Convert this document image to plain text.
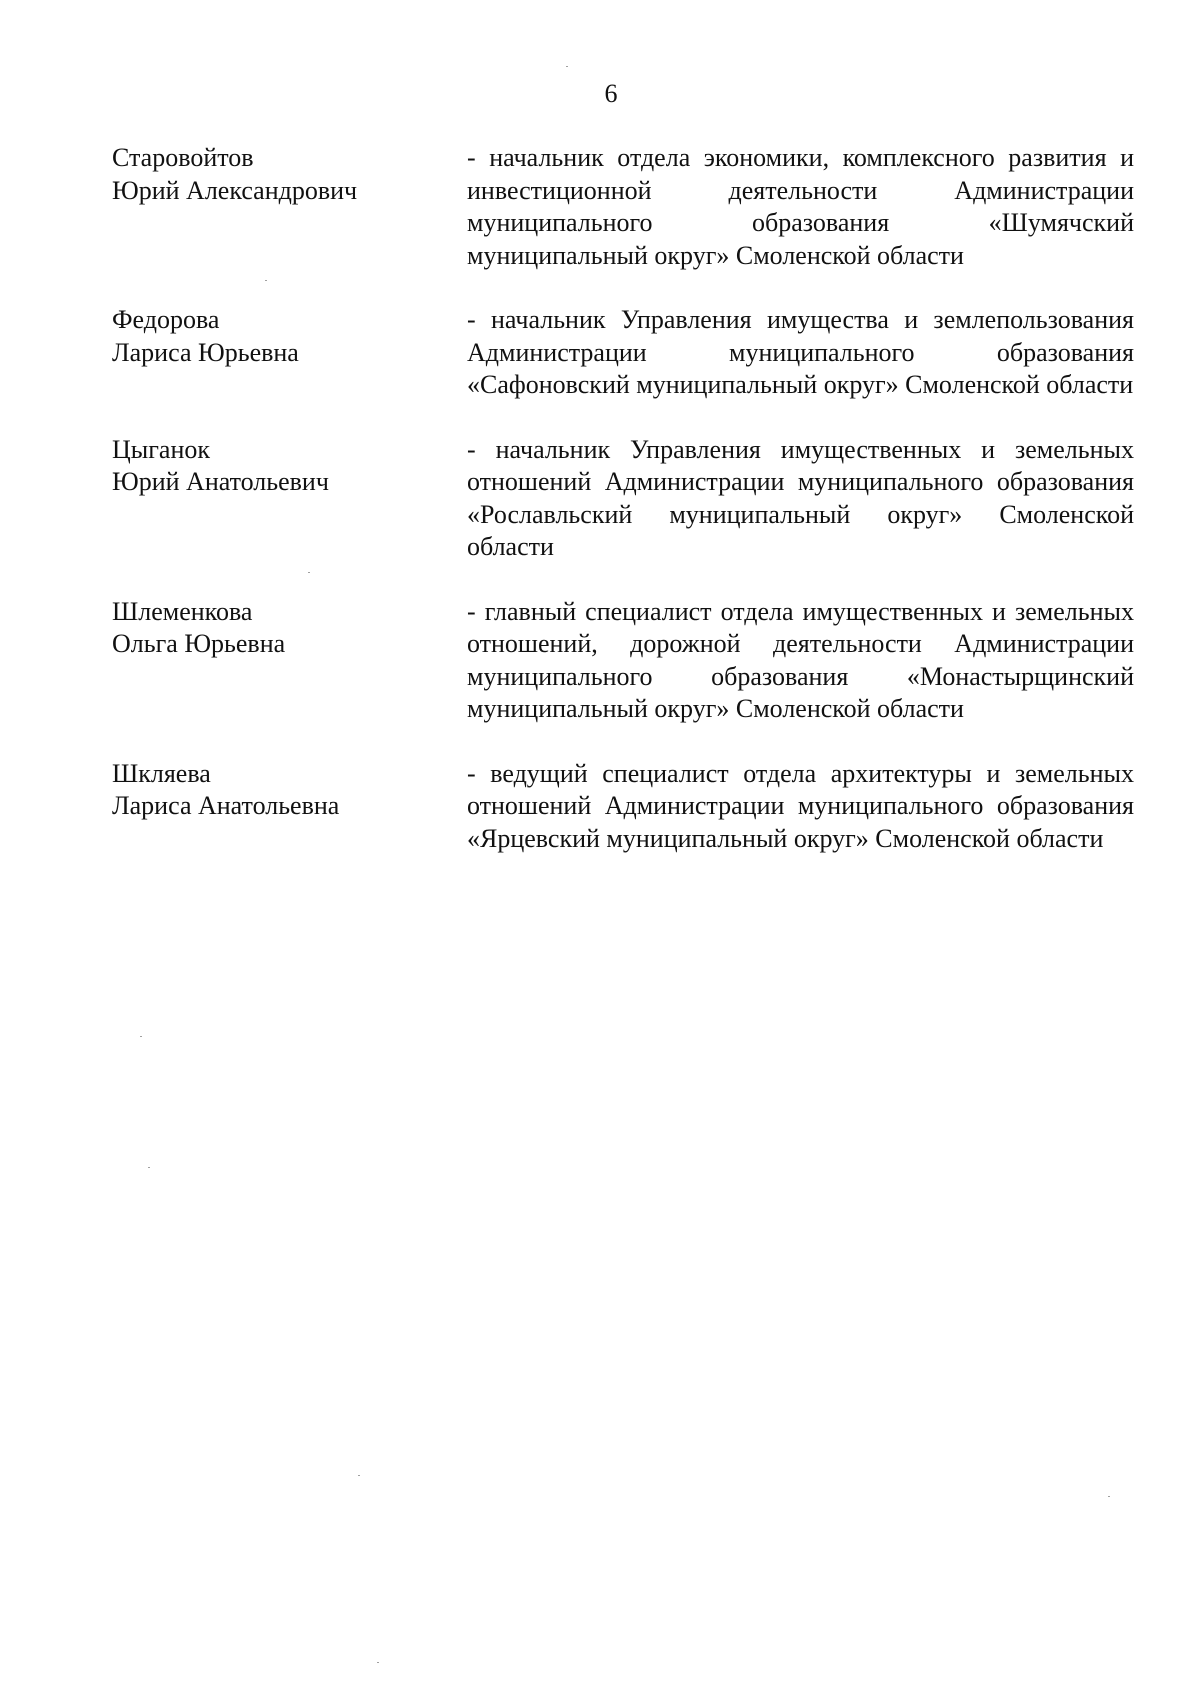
6
Старовойтов
Юрий Александрович
- начальник отдела экономики, комплексного развития и инвестиционной деятельности Администрации муниципального образования «Шумячский муниципальный округ» Смоленской области
Федорова
Лариса Юрьевна
- начальник Управления имущества и землепользования Администрации муниципального образования «Сафоновский муниципальный округ» Смоленской области
Цыганок
Юрий Анатольевич
- начальник Управления имущественных и земельных отношений Администрации муниципального образования «Рославльский муниципальный округ» Смоленской области
Шлеменкова
Ольга Юрьевна
- главный специалист отдела имущественных и земельных отношений, дорожной деятельности Администрации муниципального образования «Монастырщинский муниципальный округ» Смоленской области
Шкляева
Лариса Анатольевна
- ведущий специалист отдела архитектуры и земельных отношений Администрации муниципального образования «Ярцевский муниципальный округ» Смоленской области
